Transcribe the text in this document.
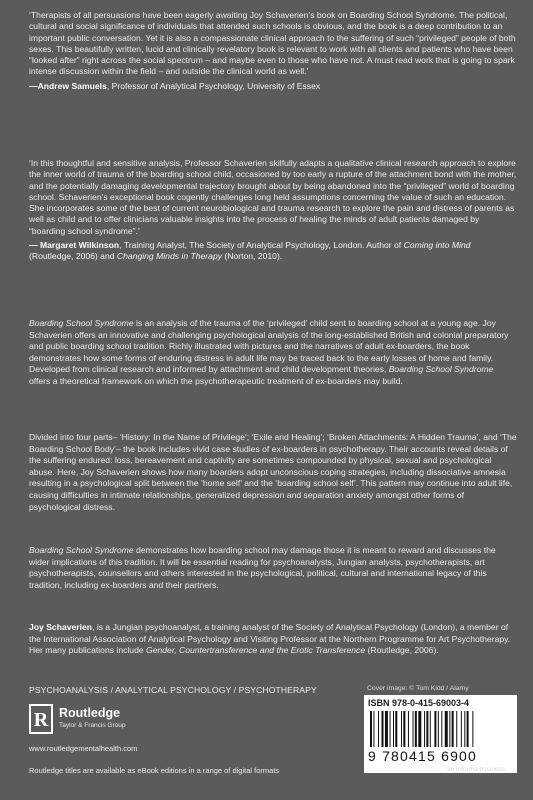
‘Therapists of all persuasions have been eagerly awaiting Joy Schaverien’s book on Boarding School Syndrome. The political, cultural and social significance of individuals that attended such schools is obvious, and the book is a deep contribution to an important public conversation. Yet it is also a compassionate clinical approach to the suffering of such “privileged” people of both sexes. This beautifully written, lucid and clinically revelatory book is relevant to work with all clients and patients who have been “looked after” right across the social spectrum – and maybe even to those who have not. A must read work that is going to spark intense discussion within the field – and outside the clinical world as well.’

—Andrew Samuels, Professor of Analytical Psychology, University of Essex

‘In this thoughtful and sensitive analysis, Professor Schaverien skilfully adapts a qualitative clinical research approach to explore the inner world of trauma of the boarding school child, occasioned by too early a rupture of the attachment bond with the mother, and the potentially damaging developmental trajectory brought about by being abandoned into the “privileged” world of boarding school. Schaverien’s exceptional book cogently challenges long held assumptions concerning the value of such an education. She incorporates some of the best of current neurobiological and trauma research to explore the pain and distress of parents as well as child and to offer clinicians valuable insights into the process of healing the minds of adult patients damaged by “boarding school syndrome”.’

— Margaret Wilkinson, Training Analyst, The Society of Analytical Psychology, London. Author of Coming into Mind (Routledge, 2006) and Changing Minds in Therapy (Norton, 2010).

Boarding School Syndrome is an analysis of the trauma of the ‘privileged’ child sent to boarding school at a young age. Joy Schaverien offers an innovative and challenging psychological analysis of the long-established British and colonial preparatory and public boarding school tradition. Richly illustrated with pictures and the narratives of adult ex-boarders, the book demonstrates how some forms of enduring distress in adult life may be traced back to the early losses of home and family. Developed from clinical research and informed by attachment and child development theories, Boarding School Syndrome offers a theoretical framework on which the psychotherapeutic treatment of ex-boarders may build.

Divided into four parts– ‘History: In the Name of Privilege’; ‘Exile and Healing’; ‘Broken Attachments: A Hidden Trauma’, and ‘The Boarding School Body’– the book includes vivid case studies of ex-boarders in psychotherapy. Their accounts reveal details of the suffering endured: loss, bereavement and captivity are sometimes compounded by physical, sexual and psychological abuse. Here, Joy Schaverien shows how many boarders adopt unconscious coping strategies, including dissociative amnesia resulting in a psychological split between the ‘home self’ and the ‘boarding school self’. This pattern may continue into adult life, causing difficulties in intimate relationships, generalized depression and separation anxiety amongst other forms of psychological distress.

Boarding School Syndrome demonstrates how boarding school may damage those it is meant to reward and discusses the wider implications of this tradition. It will be essential reading for psychoanalysts, Jungian analysts, psychotherapists, art psychotherapists, counsellors and others interested in the psychological, political, cultural and international legacy of this tradition, including ex-boarders and their partners.

Joy Schaverien, is a Jungian psychoanalyst, a training analyst of the Society of Analytical Psychology (London), a member of the International Association of Analytical Psychology and Visiting Professor at the Northern Programme for Art Psychotherapy. Her many publications include Gender, Countertransference and the Erotic Transference (Routledge, 2006).

PSYCHOANALYSIS / ANALYTICAL PSYCHOLOGY / PSYCHOTHERAPY
R Routledge
Taylor & Francis Group
www.routledgementalhealth.com
Routledge titles are available as eBook editions in a range of digital formats
Cover image: © Tom Kidd / Alamy
ISBN 978-0-415-69003-4
9 780415 6900
an informa business
